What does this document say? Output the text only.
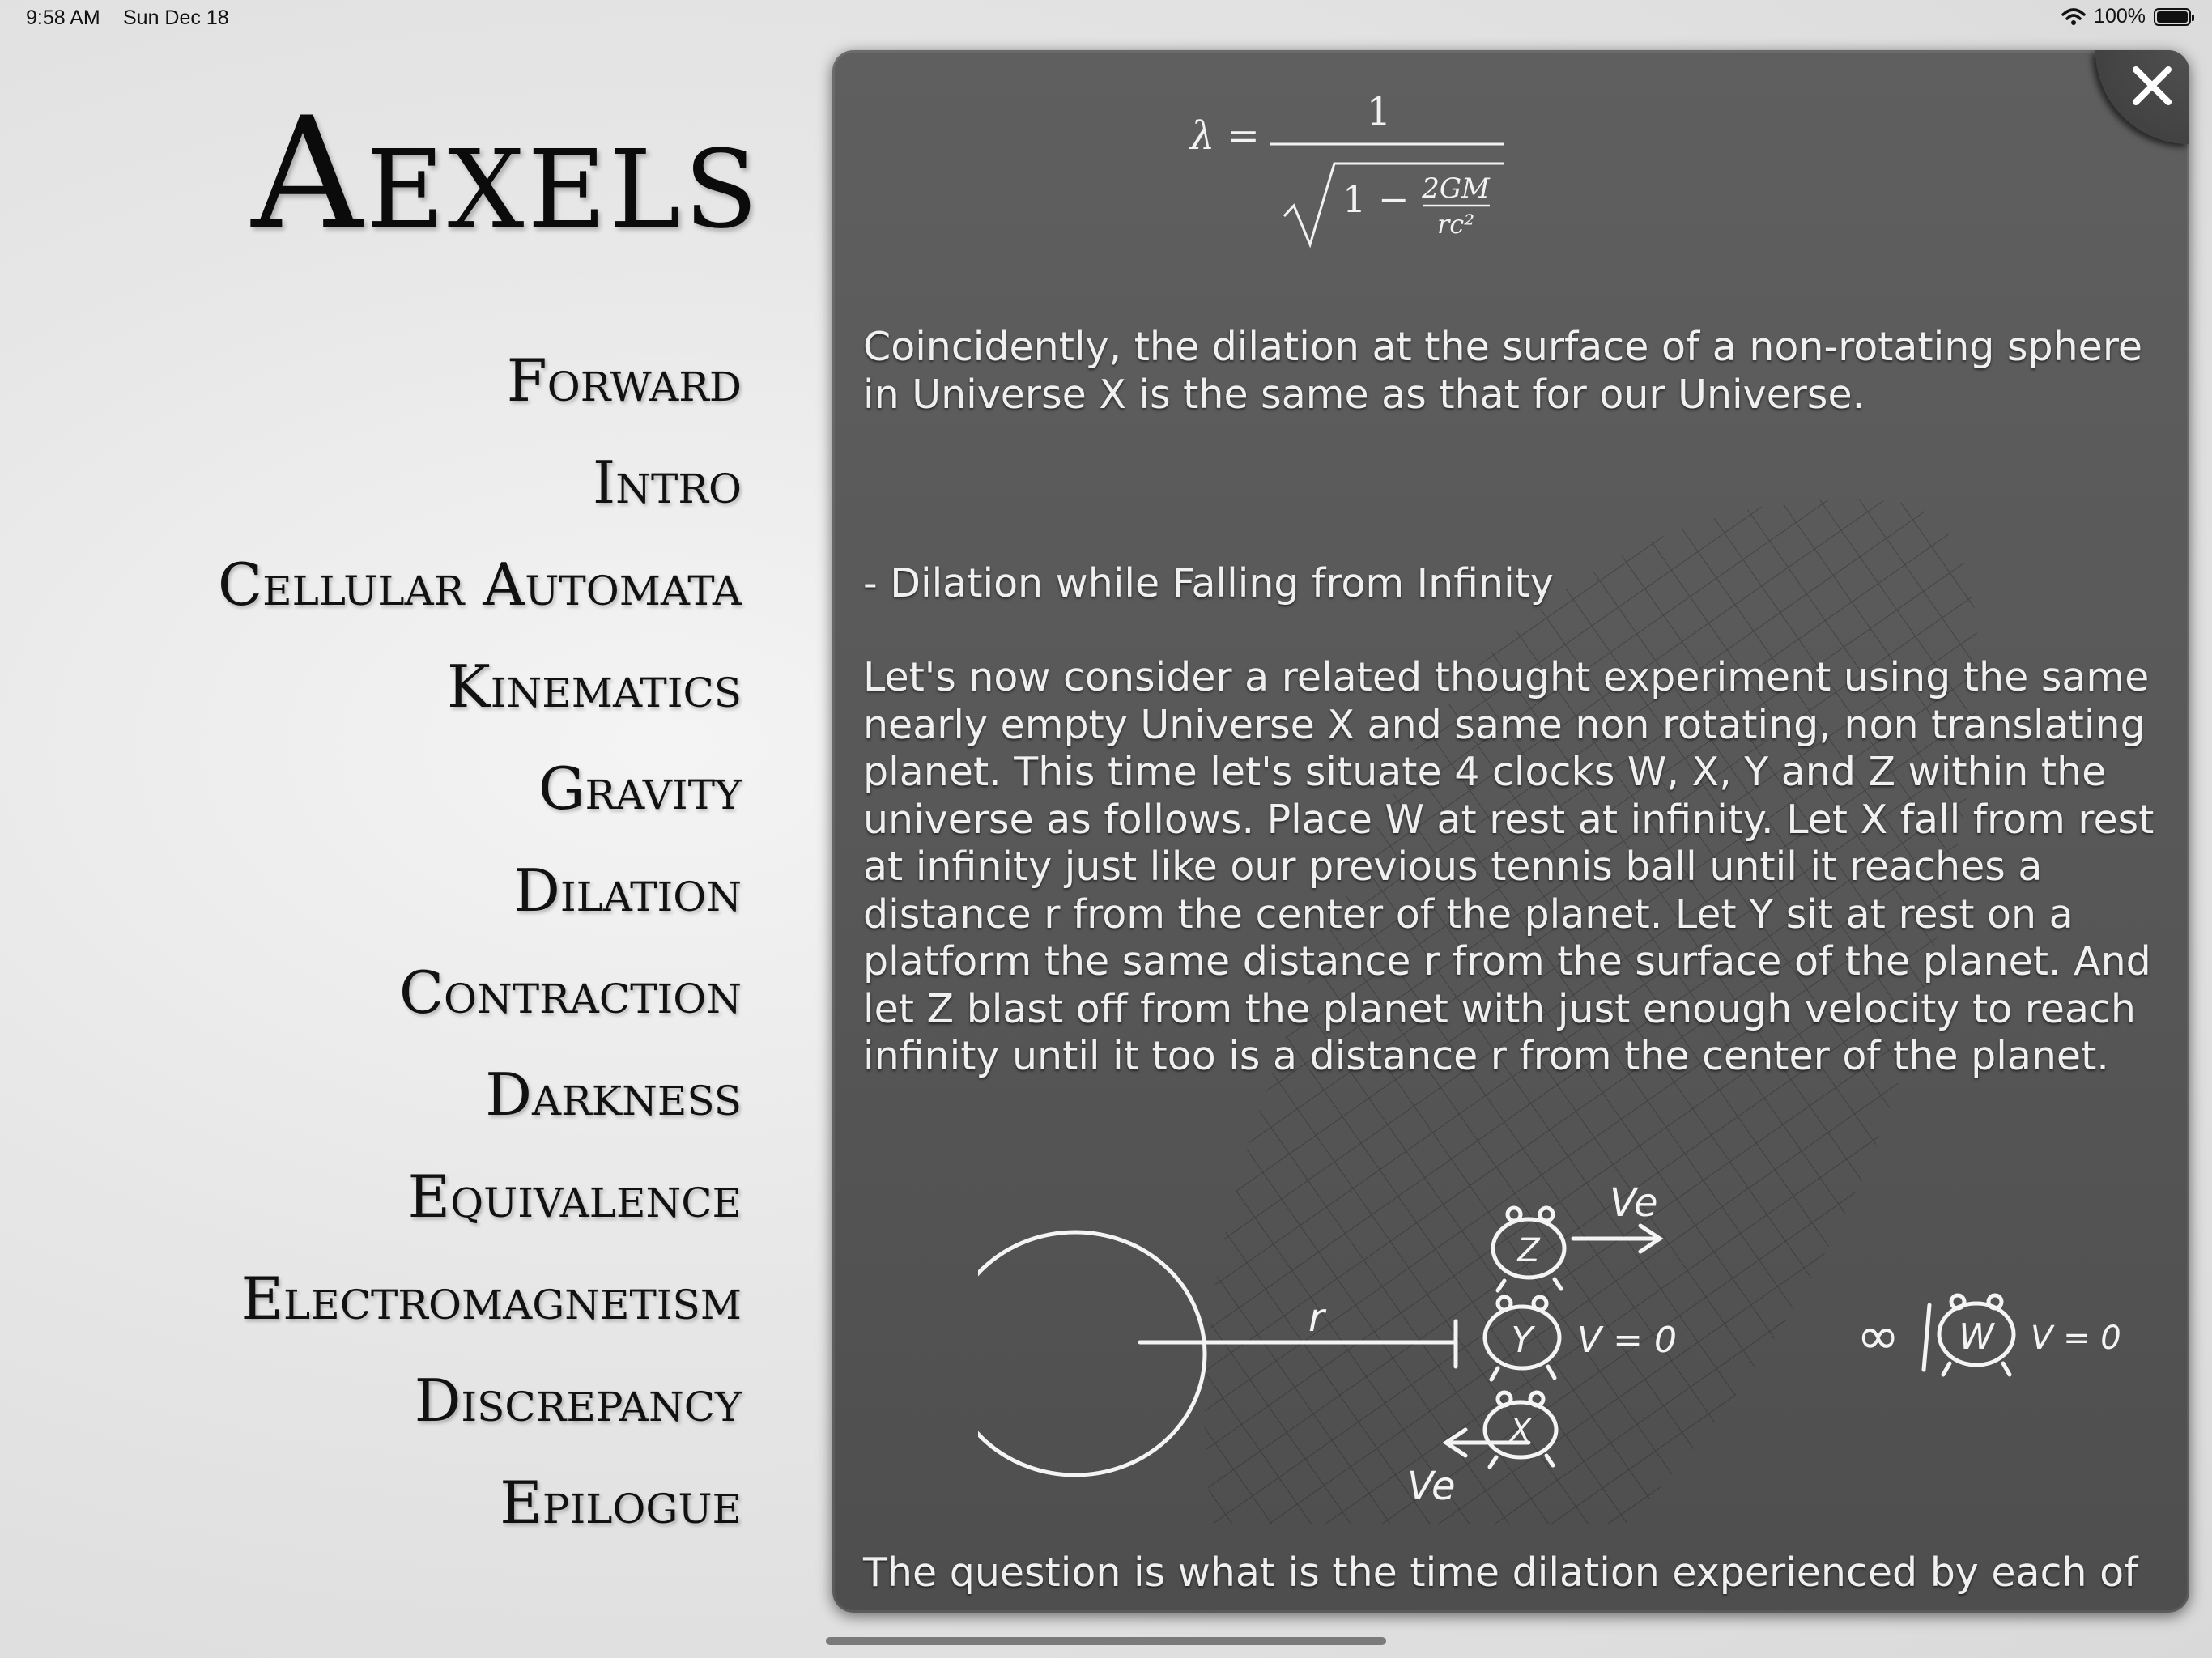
9:58 AM Sun Dec 18	100%
Aexels
Forward
Intro
Cellular Automata
Kinematics
Gravity
Dilation
Contraction
Darkness
Equivalence
Electromagnetism
Discrepancy
Epilogue
λ =
1
1 − 2GM
rc²

Coincidently, the dilation at the surface of a non-rotating sphere in Universe X is the same as that for our Universe.

- Dilation while Falling from Infinity

Let's now consider a related thought experiment using the same nearly empty Universe X and same non rotating, non translating planet. This time let's situate 4 clocks W, X, Y and Z within the universe as follows. Place W at rest at infinity. Let X fall from rest at infinity just like our previous tennis ball until it reaches a distance r from the center of the planet. Let Y sit at rest on a platform the same distance r from the surface of the planet. And let Z blast off from the planet with just enough velocity to reach infinity until it too is a distance r from the center of the planet.

r
Z
Y
X
W
Ve
Ve
V = 0	V = 0
∞

The question is what is the time dilation experienced by each of
